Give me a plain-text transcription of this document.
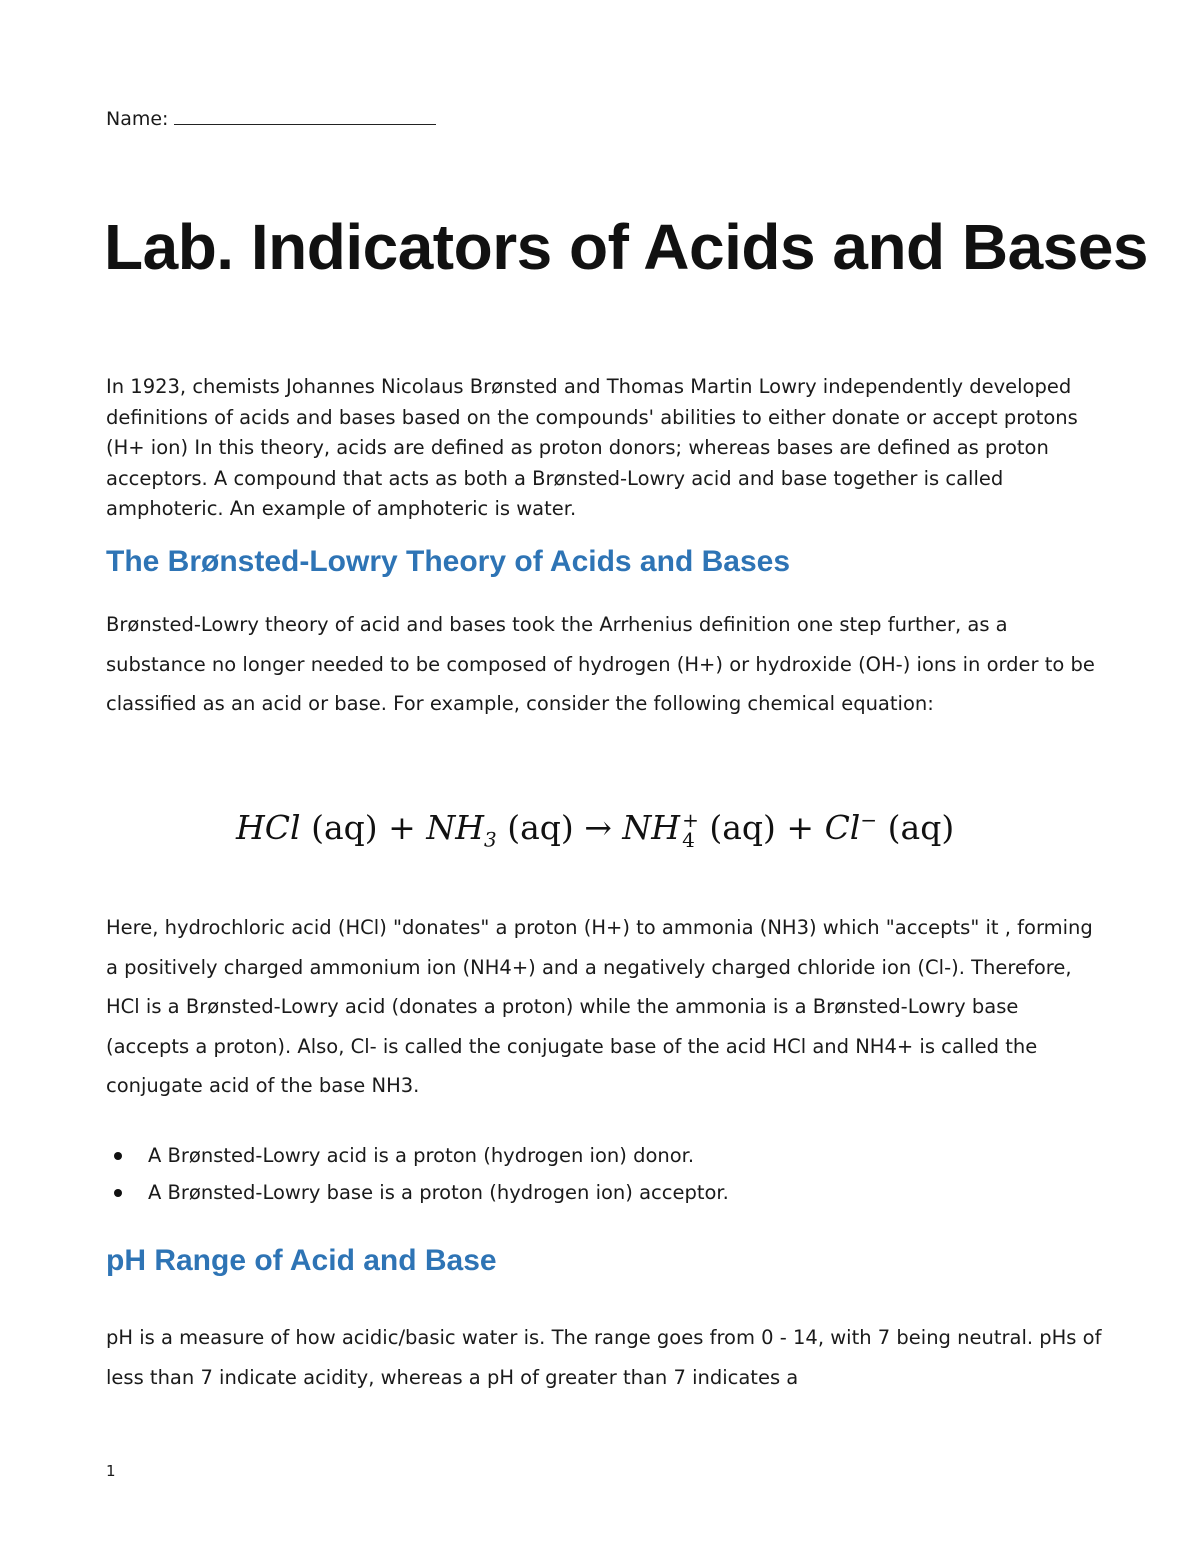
Name:
Lab. Indicators of Acids and Bases

In 1923, chemists Johannes Nicolaus Brønsted and Thomas Martin Lowry independently developed definitions of acids and bases based on the compounds' abilities to either donate or accept protons (H+ ion) In this theory, acids are defined as proton donors; whereas bases are defined as proton acceptors. A compound that acts as both a Brønsted-Lowry acid and base together is called amphoteric. An example of amphoteric is water.

The Brønsted-Lowry Theory of Acids and Bases

Brønsted-Lowry theory of acid and bases took the Arrhenius definition one step further, as a substance no longer needed to be composed of hydrogen (H+) or hydroxide (OH-) ions in order to be classified as an acid or base. For example, consider the following chemical equation:

HCl $(aq) + NH_3$ (aq) → NH +
4 (aq) + Cl− (aq)

Here, hydrochloric acid (HCl) "donates" a proton (H+) to ammonia (NH3) which "accepts" it , forming a positively charged ammonium ion (NH4+) and a negatively charged chloride ion (Cl-). Therefore, HCl is a Brønsted-Lowry acid (donates a proton) while the ammonia is a Brønsted-Lowry base (accepts a proton). Also, Cl- is called the conjugate base of the acid HCl and NH4+ is called the conjugate acid of the base NH3.

A Brønsted-Lowry acid is a proton (hydrogen ion) donor.
A Brønsted-Lowry base is a proton (hydrogen ion) acceptor.
pH Range of Acid and Base

pH is a measure of how acidic/basic water is. The range goes from 0 - 14, with 7 being neutral. pHs of less than 7 indicate acidity, whereas a pH of greater than 7 indicates a

1
